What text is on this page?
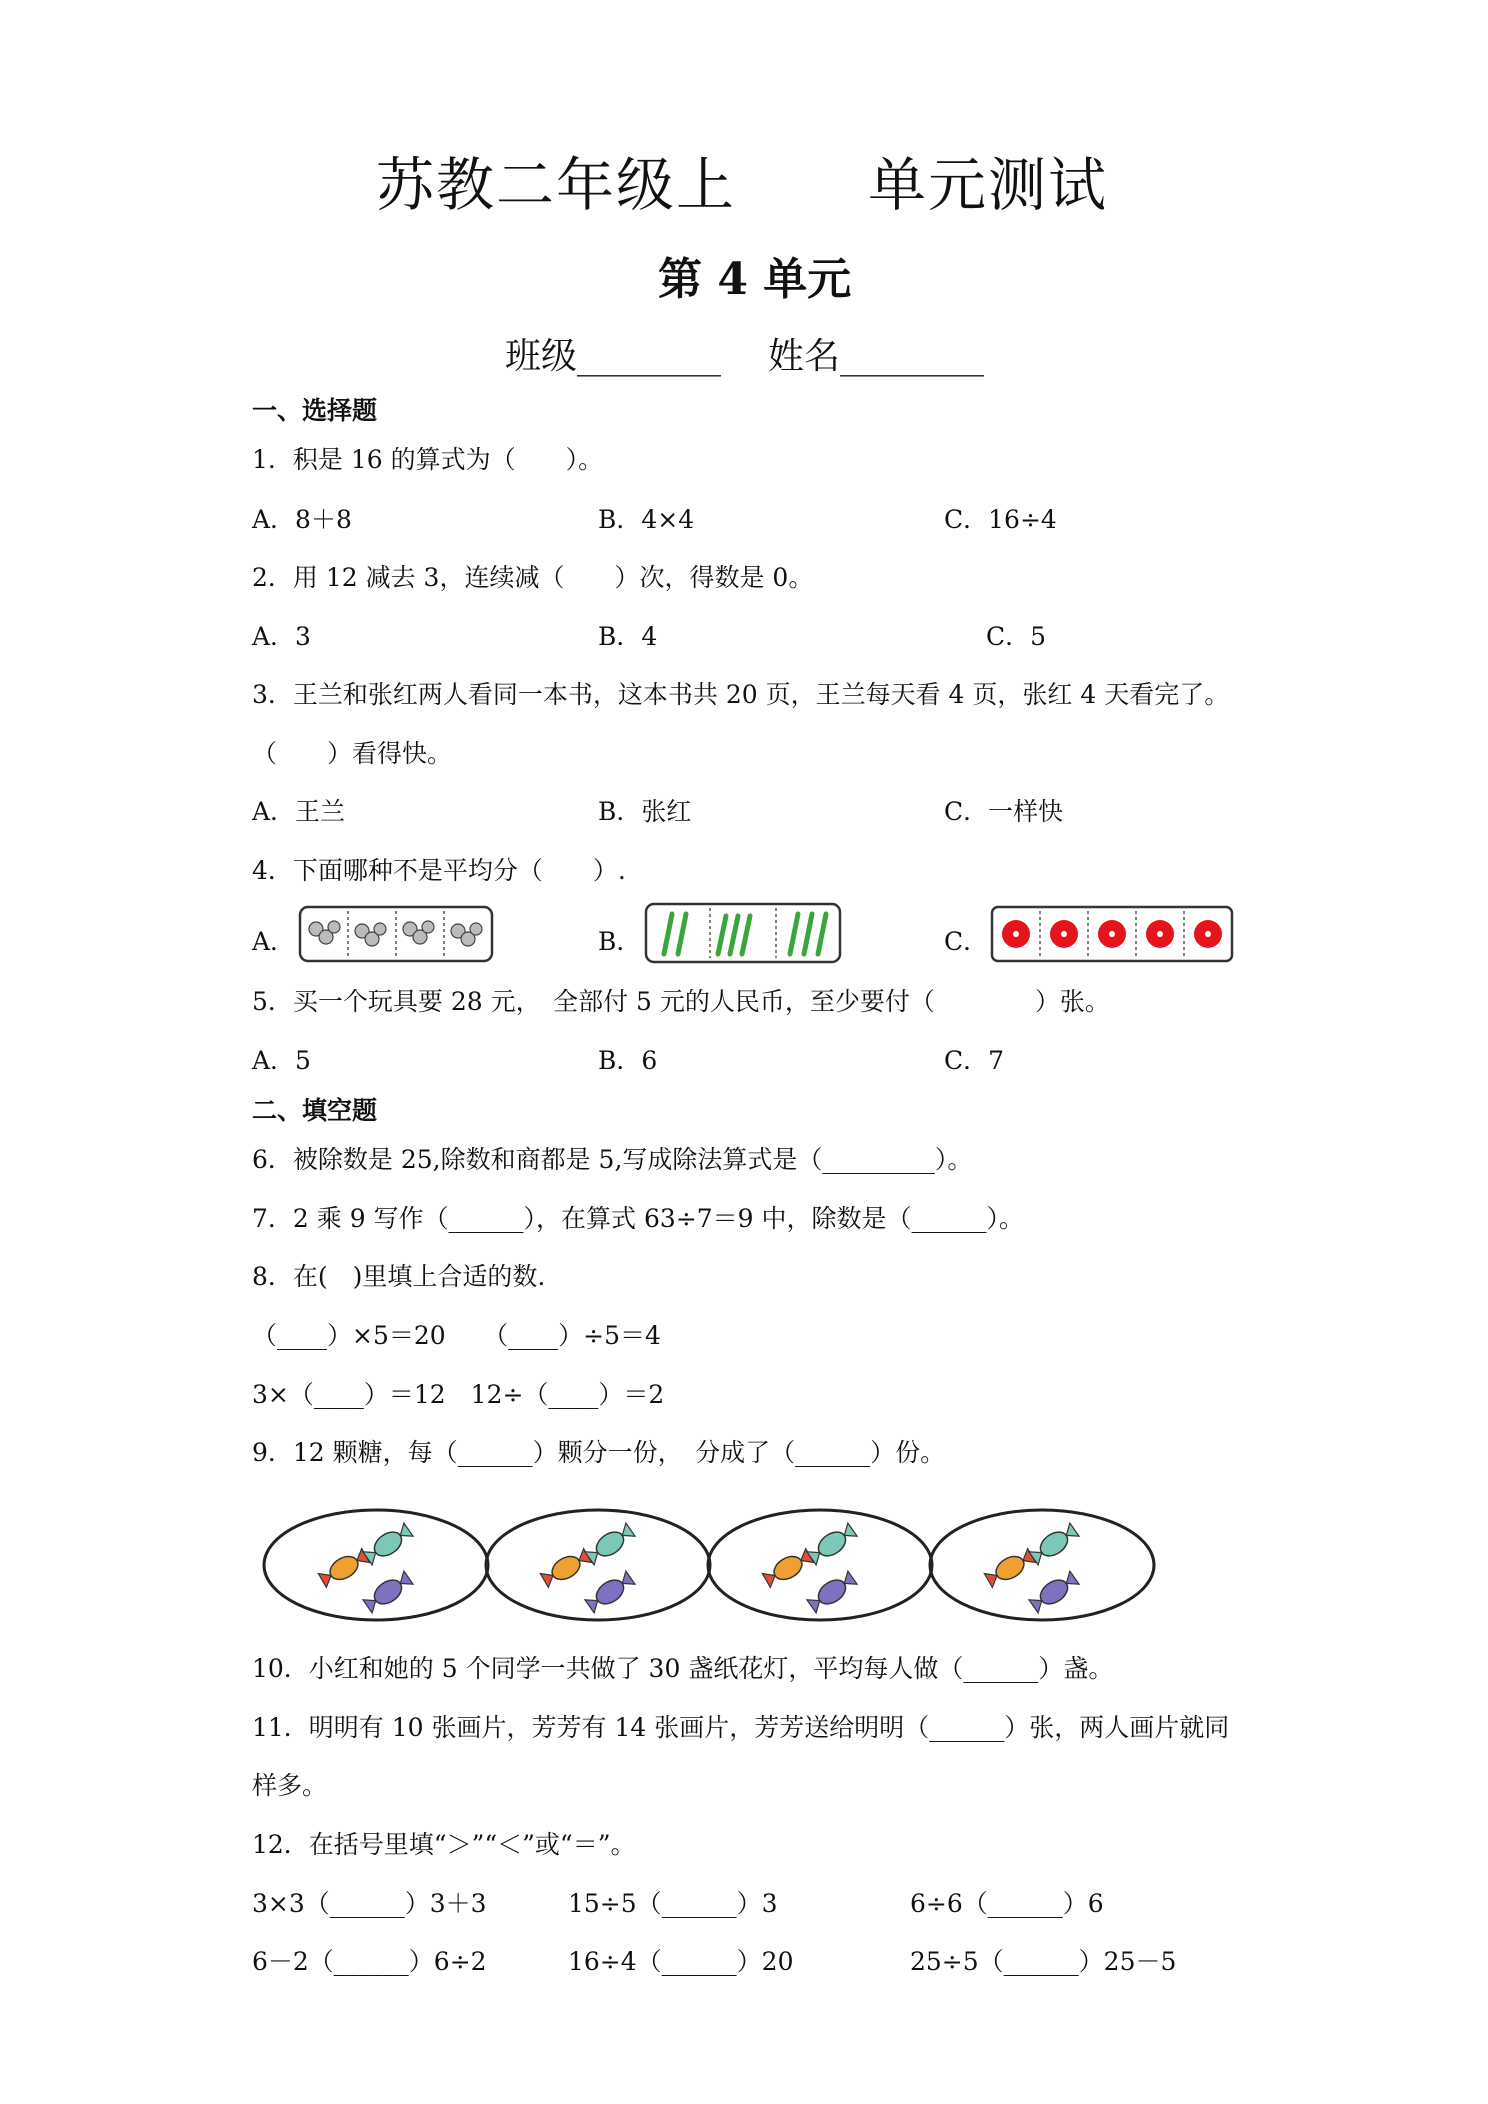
苏教二年级上 单元测试
第 4 单元
班级________ 姓名________
一、选择题
1．积是 16 的算式为（　　）。
A．8＋8	B．4×4	C．16÷4
2．用 12 减去 3，连续减（　　）次，得数是 0。
A．3	B．4	C．5
3．王兰和张红两人看同一本书，这本书共 20 页，王兰每天看 4 页，张红 4 天看完了。
（　　）看得快。
A．王兰	B．张红	C．一样快
4．下面哪种不是平均分（　　）.
A．	B．	C．
5．买一个玩具要 28 元，　全部付 5 元的人民币，至少要付（　　　　）张。
A．5	B．6	C．7
二、填空题
6．被除数是 25,除数和商都是 5,写成除法算式是（_________）。
7．2 乘 9 写作（______），在算式 63÷7＝9 中，除数是（______）。
8．在(　)里填上合适的数.
（____）×5＝20　　（____）÷5＝4
3×（____）＝12　12÷（____）＝2
9．12 颗糖，每（______）颗分一份，　分成了（______）份。
10．小红和她的 5 个同学一共做了 30 盏纸花灯，平均每人做（______）盏。
11．明明有 10 张画片，芳芳有 14 张画片，芳芳送给明明（______）张，两人画片就同
样多。
12．在括号里填“＞”“＜”或“＝”。
3×3（______）3＋3	15÷5（______）3	6÷6（______）6
6－2（______）6÷2	16÷4（______）20	25÷5（______）25－5
